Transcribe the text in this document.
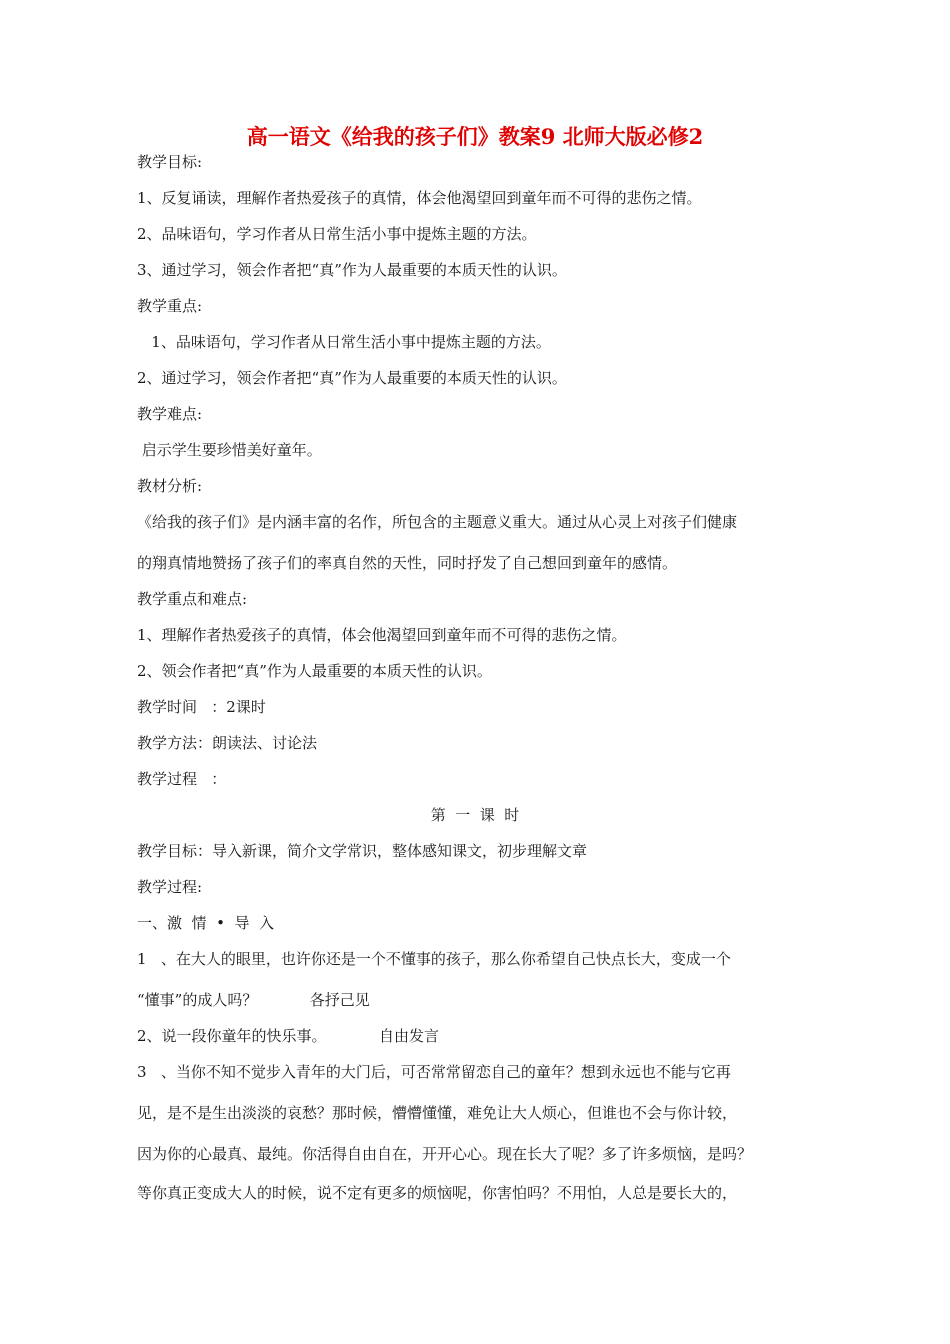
高一语文《给我的孩子们》教案9 北师大版必修2
教学目标:
1、反复诵读，理解作者热爱孩子的真情，体会他渴望回到童年而不可得的悲伤之情。
2、品味语句，学习作者从日常生活小事中提炼主题的方法。
3、通过学习，领会作者把“真”作为人最重要的本质天性的认识。
教学重点:
1、品味语句，学习作者从日常生活小事中提炼主题的方法。
2、通过学习，领会作者把“真”作为人最重要的本质天性的认识。
教学难点:
启示学生要珍惜美好童年。
教材分析:
《给我的孩子们》是内涵丰富的名作，所包含的主题意义重大。通过从心灵上对孩子们健康
的翔真情地赞扬了孩子们的率真自然的天性，同时抒发了自己想回到童年的感情。
教学重点和难点:
1、理解作者热爱孩子的真情，体会他渴望回到童年而不可得的悲伤之情。
2、领会作者把“真”作为人最重要的本质天性的认识。
教学时间   ：2课时
教学方法：朗读法、讨论法
教学过程   ：
第  一  课  时
教学目标：导入新课，简介文学常识，整体感知课文，初步理解文章
教学过程:
一、激  情  •  导  入
1   、在大人的眼里，也许你还是一个不懂事的孩子，那么你希望自己快点长大，变成一个
“懂事”的成人吗？           各抒己见
2、说一段你童年的快乐事。           自由发言
3   、当你不知不觉步入青年的大门后，可否常常留恋自己的童年？想到永远也不能与它再
见，是不是生出淡淡的哀愁？那时候，懵懵懂懂，难免让大人烦心，但谁也不会与你计较，
因为你的心最真、最纯。你活得自由自在，开开心心。现在长大了呢？多了许多烦恼，是吗？
等你真正变成大人的时候，说不定有更多的烦恼呢，你害怕吗？不用怕，人总是要长大的，
